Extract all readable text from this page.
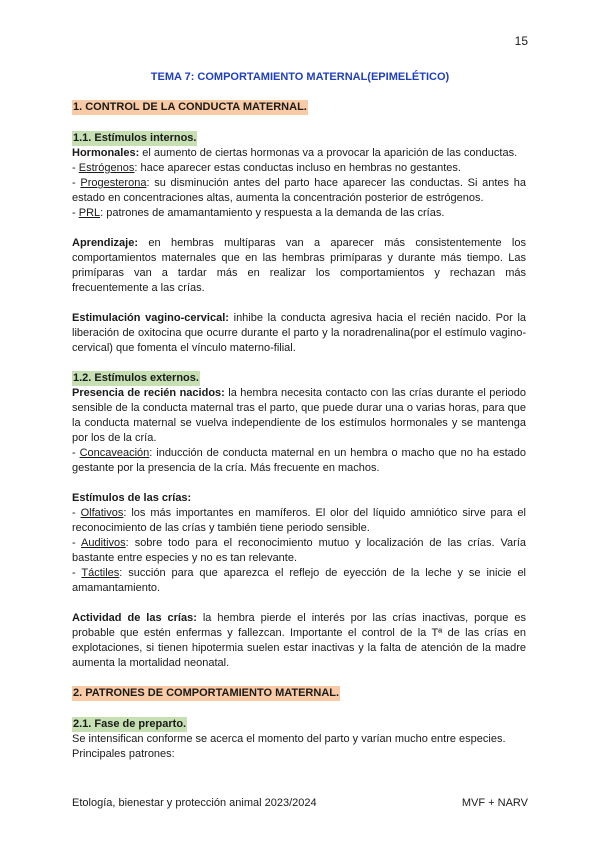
15
TEMA 7: COMPORTAMIENTO MATERNAL(EPIMELÉTICO)
1. CONTROL DE LA CONDUCTA MATERNAL.
1.1. Estímulos internos.

Hormonales: el aumento de ciertas hormonas va a provocar la aparición de las conductas.

- Estrógenos: hace aparecer estas conductas incluso en hembras no gestantes.

- Progesterona: su disminución antes del parto hace aparecer las conductas. Si antes ha estado en concentraciones altas, aumenta la concentración posterior de estrógenos.

- PRL: patrones de amamantamiento y respuesta a la demanda de las crías.

Aprendizaje: en hembras multíparas van a aparecer más consistentemente los comportamientos maternales que en las hembras primíparas y durante más tiempo. Las primíparas van a tardar más en realizar los comportamientos y rechazan más frecuentemente a las crías.

Estimulación vagino-cervical: inhibe la conducta agresiva hacia el recién nacido. Por la liberación de oxitocina que ocurre durante el parto y la noradrenalina(por el estímulo vagino-cervical) que fomenta el vínculo materno-filial.

1.2. Estímulos externos.

Presencia de recién nacidos: la hembra necesita contacto con las crías durante el periodo sensible de la conducta maternal tras el parto, que puede durar una o varias horas, para que la conducta maternal se vuelva independiente de los estímulos hormonales y se mantenga por los de la cría.

- Concaveación: inducción de conducta maternal en un hembra o macho que no ha estado gestante por la presencia de la cría. Más frecuente en machos.

Estímulos de las crías:

- Olfativos: los más importantes en mamíferos. El olor del líquido amniótico sirve para el reconocimiento de las crías y también tiene periodo sensible.

- Auditivos: sobre todo para el reconocimiento mutuo y localización de las crías. Varía bastante entre especies y no es tan relevante.

- Táctiles: succión para que aparezca el reflejo de eyección de la leche y se inicie el amamantamiento.

Actividad de las crías: la hembra pierde el interés por las crías inactivas, porque es probable que estén enfermas y fallezcan. Importante el control de la Tª de las crías en explotaciones, si tienen hipotermia suelen estar inactivas y la falta de atención de la madre aumenta la mortalidad neonatal.

2. PATRONES DE COMPORTAMIENTO MATERNAL.
2.1. Fase de preparto.

Se intensifican conforme se acerca el momento del parto y varían mucho entre especies.

Principales patrones:

Etología, bienestar y protección animal 2023/2024	MVF + NARV
